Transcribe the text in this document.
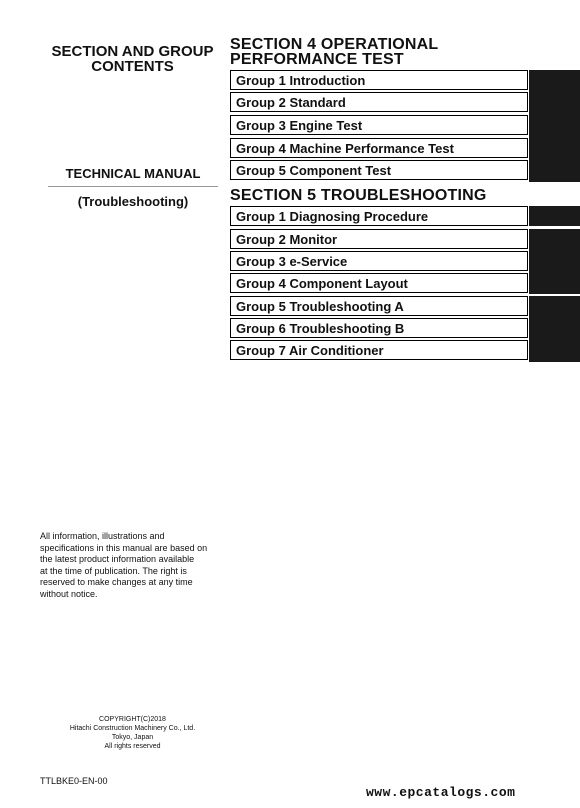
SECTION AND GROUP
CONTENTS
TECHNICAL MANUAL
(Troubleshooting)
SECTION 4 OPERATIONAL
PERFORMANCE TEST
Group 1 Introduction
Group 2 Standard
Group 3 Engine Test
Group 4 Machine Performance Test
Group 5 Component Test
SECTION 5 TROUBLESHOOTING
Group 1 Diagnosing Procedure
Group 2 Monitor
Group 3 e-Service
Group 4 Component Layout
Group 5 Troubleshooting A
Group 6 Troubleshooting B
Group 7 Air Conditioner
All information, illustrations and
specifications in this manual are based on
the latest product information available
at the time of publication. The right is
reserved to make changes at any time
without notice.
COPYRIGHT(C)2018
Hitachi Construction Machinery Co., Ltd.
Tokyo, Japan
All rights reserved
TTLBKE0-EN-00
www.epcatalogs.com
